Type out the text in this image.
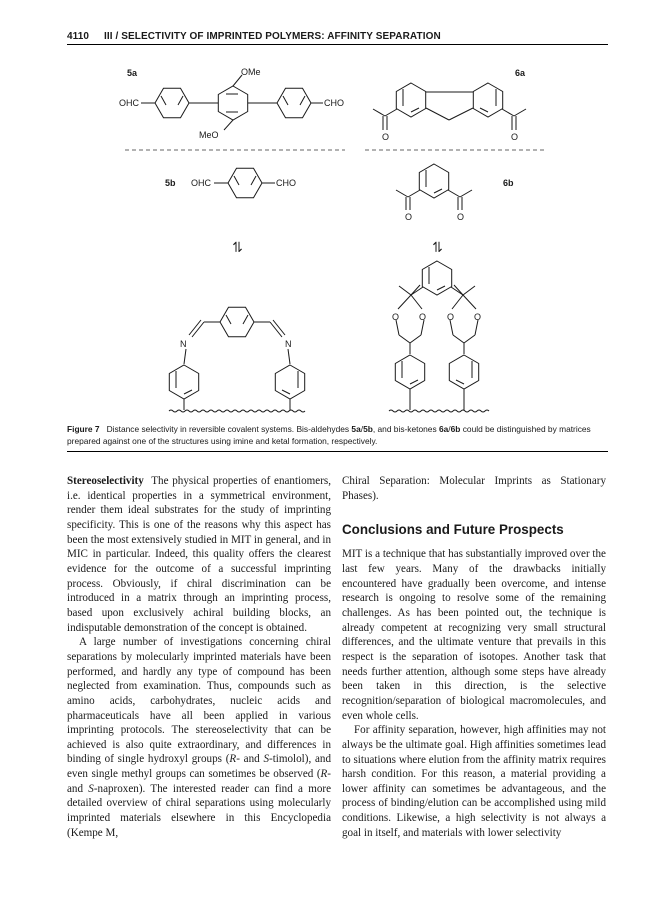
4110 III / SELECTIVITY OF IMPRINTED POLYMERS: AFFINITY SEPARATION
5a
OHC	CHO
OMe
MeO
6a
O	O
5b OHC	CHO	6b
O	O
⇌	⇌
N	N
O O O O
Figure 7 Distance selectivity in reversible covalent systems. Bis-aldehydes 5a/5b, and bis-ketones 6a/6b could be distinguished by matrices prepared against one of the structures using imine and ketal formation, respectively.

Stereoselectivity The physical properties of enantiomers, i.e. identical properties in a symmetrical environment, render them ideal substrates for the study of imprinting specificity. This is one of the reasons why this aspect has been the most extensively studied in MIT in general, and in MIC in particular. Indeed, this quality offers the clearest evidence for the outcome of a successful imprinting process. Obviously, if chiral discrimination can be introduced in a matrix through an imprinting process, based upon exclusively achiral building blocks, an indisputable demonstration of the concept is obtained.

A large number of investigations concerning chiral separations by molecularly imprinted materials have been performed, and hardly any type of compound has been neglected from examination. Thus, compounds such as amino acids, carbohydrates, nucleic acids and pharmaceuticals have all been applied in various imprinting protocols. The stereoselectivity that can be achieved is also quite extraordinary, and differences in binding of single hydroxyl groups (R- and S-timolol), and even single methyl groups can sometimes be observed (R- and S-naproxen). The interested reader can find a more detailed overview of chiral separations using molecularly imprinted materials elsewhere in this Encyclopedia (Kempe M,

Chiral Separation: Molecular Imprints as Stationary Phases).

Conclusions and Future Prospects

MIT is a technique that has substantially improved over the last few years. Many of the drawbacks initially encountered have gradually been overcome, and intense research is ongoing to resolve some of the remaining challenges. As has been pointed out, the technique is already competent at recognizing very small structural differences, and the ultimate venture that prevails in this respect is the separation of isotopes. Another task that needs further attention, although some steps have already been taken in this direction, is the selective recognition/separation of biological macromolecules, and even whole cells.

For affinity separation, however, high affinities may not always be the ultimate goal. High affinities sometimes lead to situations where elution from the affinity matrix requires harsh condition. For this reason, a material providing a lower affinity can sometimes be advantageous, and the process of binding/elution can be accomplished using mild conditions. Likewise, a high selectivity is not always a goal in itself, and materials with lower selectivity
